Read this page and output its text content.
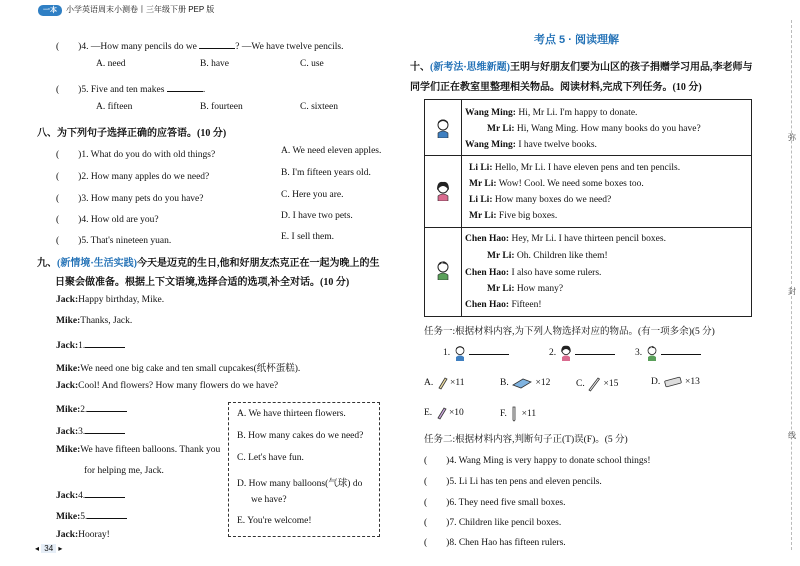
一本	小学英语周末小测卷丨三年级下册 PEP 版
(　　)4. —How many pencils do we	? —We have twelve pencils.
A. need	B. have	C. use
(　　)5. Five and ten makes	.
A. fifteen	B. fourteen	C. sixteen
八、为下列句子选择正确的应答语。(10 分)
(　　)1. What do you do with old things?	A. We need eleven apples.
(　　)2. How many apples do we need?	B. I'm fifteen years old.
(　　)3. How many pets do you have?	C. Here you are.
(　　)4. How old are you?	D. I have two pets.
(　　)5. That's nineteen yuan.	E. I sell them.
九、(新情境·生活实践)今天是迈克的生日,他和好朋友杰克正在一起为晚上的生
日聚会做准备。根据上下文语境,选择合适的选项,补全对话。(10 分)
Jack:Happy birthday, Mike.
Mike:Thanks, Jack.
Jack:1.
Mike:We need one big cake and ten small cupcakes(纸杯蛋糕).
Jack:Cool! And flowers? How many flowers do we have?
Mike:2.
Jack:3.
Mike:We have fifteen balloons. Thank you
for helping me, Jack.
Jack:4.
Mike:5.
Jack:Hooray!
A. We have thirteen flowers.
B. How many cakes do we need?
C. Let's have fun.
D. How many balloons(气球) do
we have?
E. You're welcome!
◂ 34 ▸
考点 5 · 阅读理解
十、(新考法·思维新题)王明与好朋友们要为山区的孩子捐赠学习用品,李老师与
同学们正在教室里整理相关物品。阅读材料,完成下列任务。(10 分)
Wang Ming: Hi, Mr Li. I'm happy to donate.
Mr Li: Hi, Wang Ming. How many books do you have?
Wang Ming: I have twelve books.
Li Li: Hello, Mr Li. I have eleven pens and ten pencils.
Mr Li: Wow! Cool. We need some boxes too.
Li Li: How many boxes do we need?
Mr Li: Five big boxes.
Chen Hao: Hey, Mr Li. I have thirteen pencil boxes.
Mr Li: Oh. Children like them!
Chen Hao: I also have some rulers.
Mr Li: How many?
Chen Hao: Fifteen!
任务一:根据材料内容,为下列人物选择对应的物品。(有一项多余)(5 分)
1.	2.	3.
A. ×11	B.	×12	C. ×15	D.	×13
E. ×10	F. ×11
任务二:根据材料内容,判断句子正(T)误(F)。(5 分)
(　　)4. Wang Ming is very happy to donate school things!
(　　)5. Li Li has ten pens and eleven pencils.
(　　)6. They need five small boxes.
(　　)7. Children like pencil boxes.
(　　)8. Chen Hao has fifteen rulers.
弥
封
线
